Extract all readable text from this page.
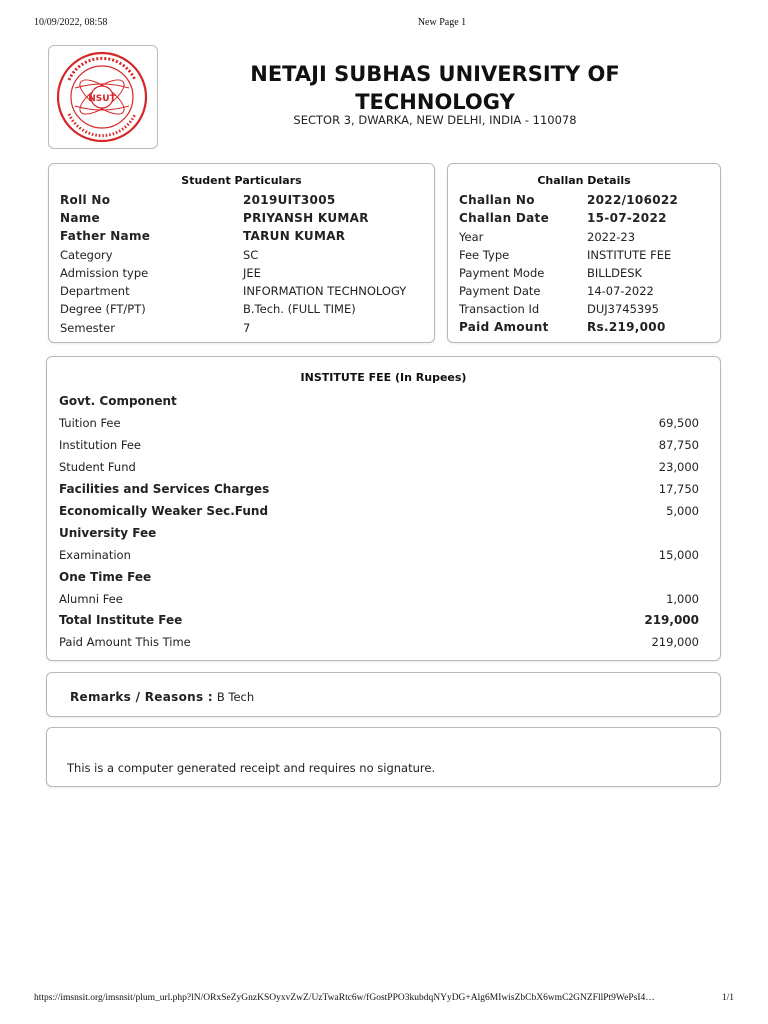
10/09/2022, 08:58	New Page 1
NSUT
NETAJI SUBHAS UNIVERSITY OF
TECHNOLOGY
SECTOR 3, DWARKA, NEW DELHI, INDIA - 110078
Student Particulars
Roll No	2019UIT3005
Name	PRIYANSH KUMAR
Father Name	TARUN KUMAR
Category	SC
Admission type	JEE
Department	INFORMATION TECHNOLOGY
Degree (FT/PT)	B.Tech. (FULL TIME)
Semester	7
Challan Details
Challan No	2022/106022
Challan Date	15-07-2022
Year	2022-23
Fee Type	INSTITUTE FEE
Payment Mode	BILLDESK
Payment Date	14-07-2022
Transaction Id	DUJ3745395
Paid Amount	Rs.219,000
INSTITUTE FEE (In Rupees)
Govt. Component
Tuition Fee	69,500
Institution Fee	87,750
Student Fund	23,000
Facilities and Services Charges	17,750
Economically Weaker Sec.Fund	5,000
University Fee
Examination	15,000
One Time Fee
Alumni Fee	1,000
Total Institute Fee	219,000
Paid Amount This Time	219,000
Remarks / Reasons : B Tech
This is a computer generated receipt and requires no signature.
https://imsnsit.org/imsnsit/plum_url.php?lN/ORxSeZyGnzKSOyxvZwZ/UzTwaRtc6w/fGostPPO3kubdqNYyDG+Alg6MIwisZbCbX6wmC2GNZFllPt9WePsI4…	1/1
